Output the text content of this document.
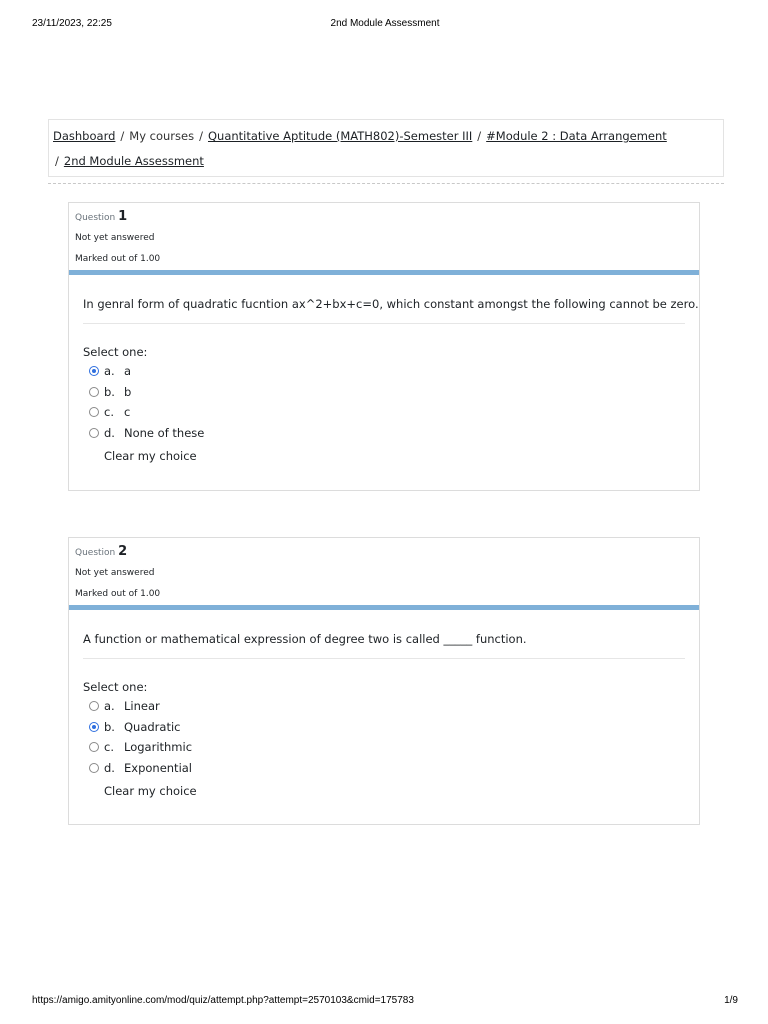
23/11/2023, 22:25	2nd Module Assessment
Dashboard / My courses / Quantitative Aptitude (MATH802)-Semester III / #Module 2 : Data Arrangement
/ 2nd Module Assessment
Question 1
Not yet answered
Marked out of 1.00
In genral form of quadratic fucntion ax^2+bx+c=0, which constant amongst the following cannot be zero.
Select one:
a. a
b. b
c. c
d. None of these
Clear my choice
Question 2
Not yet answered
Marked out of 1.00
A function or mathematical expression of degree two is called _____ function.
Select one:
a. Linear
b. Quadratic
c. Logarithmic
d. Exponential
Clear my choice
https://amigo.amityonline.com/mod/quiz/attempt.php?attempt=2570103&cmid=175783	1/9
